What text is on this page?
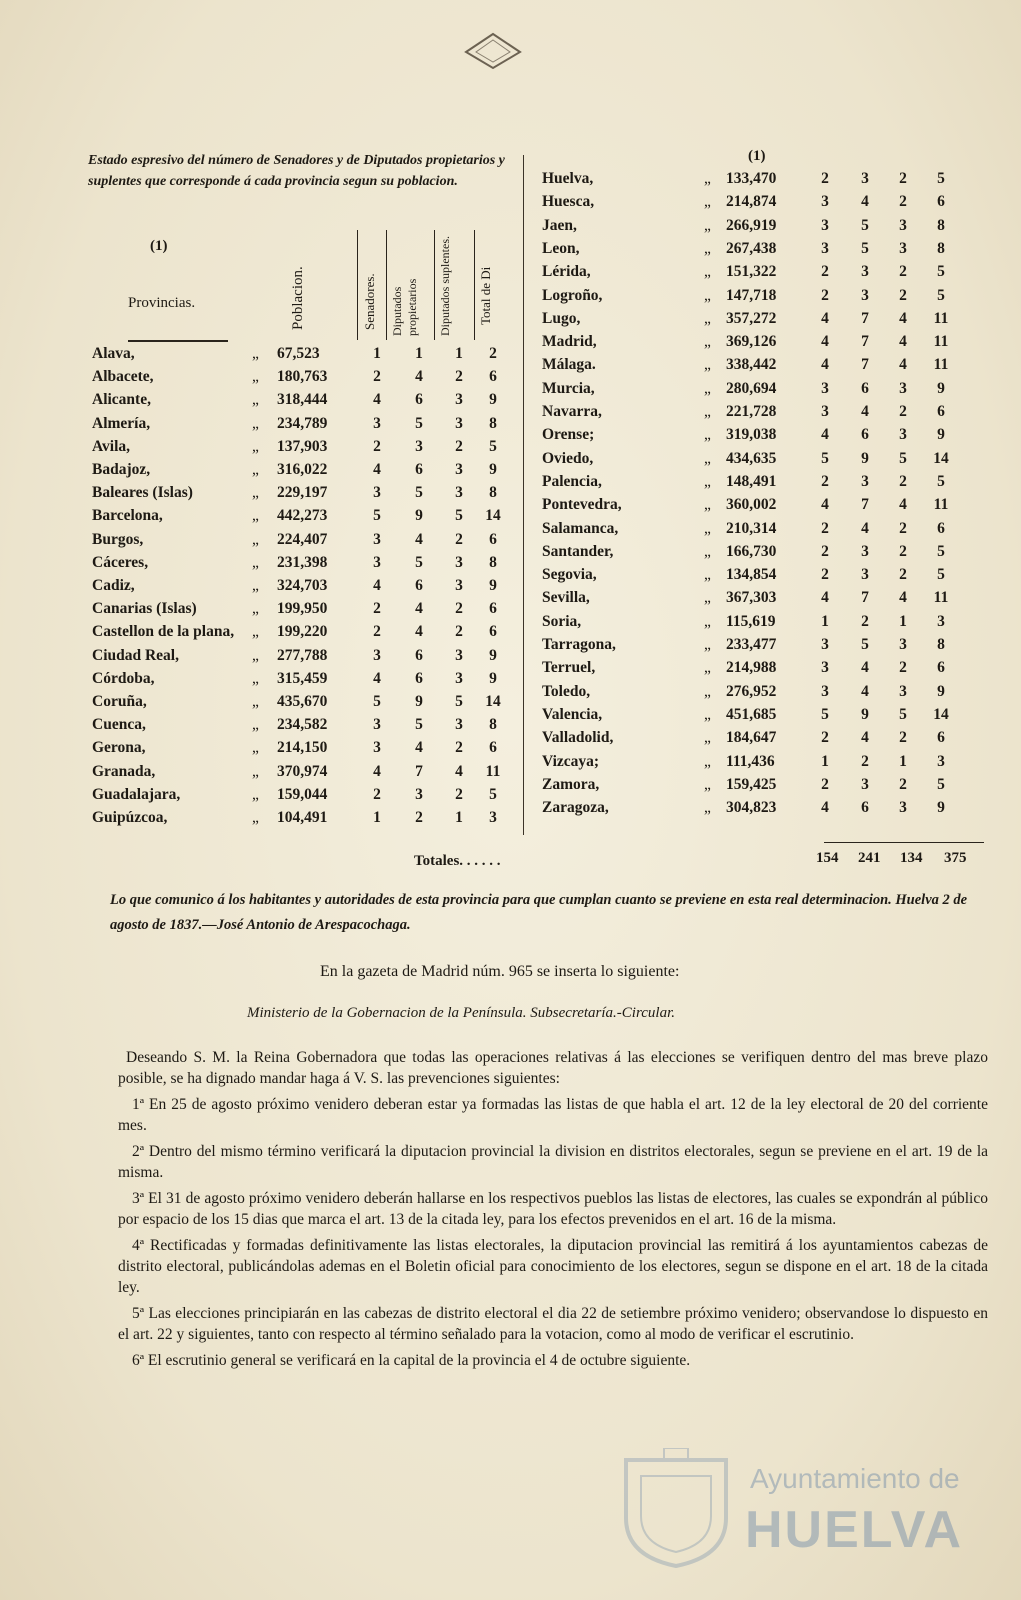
Estado espresivo del número de Senadores y de Diputados propietarios y suplentes que corresponde á cada provincia segun su poblacion.
(1)
(1)
Provincias.	Poblacion.	Senadores. Diputados propietarios Diputados suplentes. Total de Di
Alava,	„ 67,523	1	1	1	2
Albacete,	„ 180,763	2	4	2	6
Alicante,	„ 318,444	4	6	3	9
Almería,	„ 234,789	3	5	3	8
Avila,	„ 137,903	2	3	2	5
Badajoz,	„ 316,022	4	6	3	9
Baleares (Islas)	„ 229,197	3	5	3	8
Barcelona,	„ 442,273	5	9	5	14
Burgos,	„ 224,407	3	4	2	6
Cáceres,	„ 231,398	3	5	3	8
Cadiz,	„ 324,703	4	6	3	9
Canarias (Islas)	„ 199,950	2	4	2	6
Castellon de la plana, „ 199,220	2	4	2	6
Ciudad Real,	„ 277,788	3	6	3	9
Córdoba,	„ 315,459	4	6	3	9
Coruña,	„ 435,670	5	9	5	14
Cuenca,	„ 234,582	3	5	3	8
Gerona,	„ 214,150	3	4	2	6
Granada,	„ 370,974	4	7	4	11
Guadalajara,	„ 159,044	2	3	2	5
Guipúzcoa,	„ 104,491	1	2	1	3
Huelva,	„ 133,470	2	3	2	5
Huesca,	„ 214,874	3	4	2	6
Jaen,	„ 266,919	3	5	3	8
Leon,	„ 267,438	3	5	3	8
Lérida,	„ 151,322	2	3	2	5
Logroño,	„ 147,718	2	3	2	5
Lugo,	„ 357,272	4	7	4	11
Madrid,	„ 369,126	4	7	4	11
Málaga.	„ 338,442	4	7	4	11
Murcia,	„ 280,694	3	6	3	9
Navarra,	„ 221,728	3	4	2	6
Orense;	„ 319,038	4	6	3	9
Oviedo,	„ 434,635	5	9	5	14
Palencia,	„ 148,491	2	3	2	5
Pontevedra,	„ 360,002	4	7	4	11
Salamanca,	„ 210,314	2	4	2	6
Santander,	„ 166,730	2	3	2	5
Segovia,	„ 134,854	2	3	2	5
Sevilla,	„ 367,303	4	7	4	11
Soria,	„ 115,619	1	2	1	3
Tarragona,	„ 233,477	3	5	3	8
Terruel,	„ 214,988	3	4	2	6
Toledo,	„ 276,952	3	4	3	9
Valencia,	„ 451,685	5	9	5	14
Valladolid,	„ 184,647	2	4	2	6
Vizcaya;	„ 111,436	1	2	1	3
Zamora,	„ 159,425	2	3	2	5
Zaragoza,	„ 304,823	4	6	3	9
Totales. . . . . .	154 241 134 375
Lo que comunico á los habitantes y autoridades de esta provincia para que cumplan cuanto se previene en esta real determinacion. Huelva 2 de agosto de 1837.—José Antonio de Arespacochaga.
En la gazeta de Madrid núm. 965 se inserta lo siguiente:
Ministerio de la Gobernacion de la Península. Subsecretaría.-Circular.

Deseando S. M. la Reina Gobernadora que todas las operaciones relativas á las elecciones se verifiquen dentro del mas breve plazo posible, se ha dignado mandar haga á V. S. las prevenciones siguientes:

1ª En 25 de agosto próximo venidero deberan estar ya formadas las listas de que habla el art. 12 de la ley electoral de 20 del corriente mes.

2ª Dentro del mismo término verificará la diputacion provincial la division en distritos electorales, segun se previene en el art. 19 de la misma.

3ª El 31 de agosto próximo venidero deberán hallarse en los respectivos pueblos las listas de electores, las cuales se expondrán al público por espacio de los 15 dias que marca el art. 13 de la citada ley, para los efectos prevenidos en el art. 16 de la misma.

4ª Rectificadas y formadas definitivamente las listas electorales, la diputacion provincial las remitirá á los ayuntamientos cabezas de distrito electoral, publicándolas ademas en el Boletin oficial para conocimiento de los electores, segun se dispone en el art. 18 de la citada ley.

5ª Las elecciones principiarán en las cabezas de distrito electoral el dia 22 de setiembre próximo venidero; observandose lo dispuesto en el art. 22 y siguientes, tanto con respecto al término señalado para la votacion, como al modo de verificar el escrutinio.

6ª El escrutinio general se verificará en la capital de la provincia el 4 de octubre siguiente.

Ayuntamiento de
HUELVA
